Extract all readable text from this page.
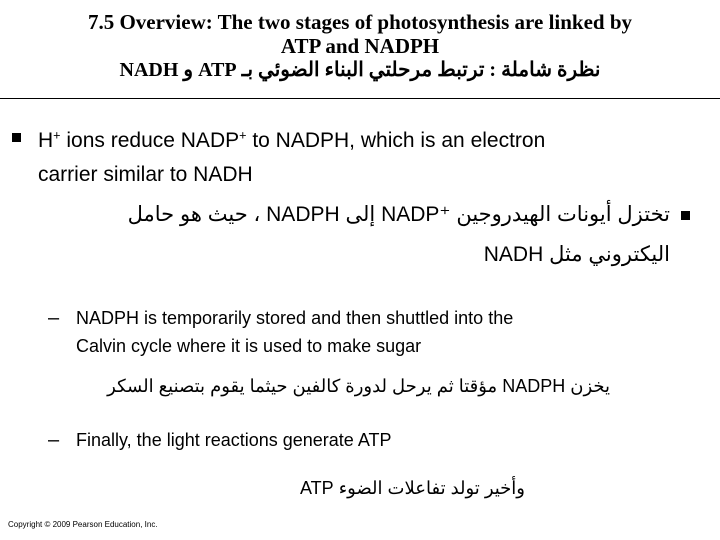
7.5 Overview: The two stages of photosynthesis are linked by
ATP and NADPH
نظرة شاملة : ترتبط مرحلتي البناء الضوئي بـ ATP و NADH
H+ ions reduce NADP+ to NADPH, which is an electron
carrier similar to NADH
تختزل أيونات الهيدروجين ⁺NADP إلى NADPH ، حيث هو حامل
اليكتروني مثل NADH
– NADPH is temporarily stored and then shuttled into the
Calvin cycle where it is used to make sugar
يخزن NADPH مؤقتا ثم يرحل لدورة كالفين حيثما يقوم بتصنيع السكر
– Finally, the light reactions generate ATP
وأخير تولد تفاعلات الضوء ATP
Copyright © 2009 Pearson Education, Inc.
